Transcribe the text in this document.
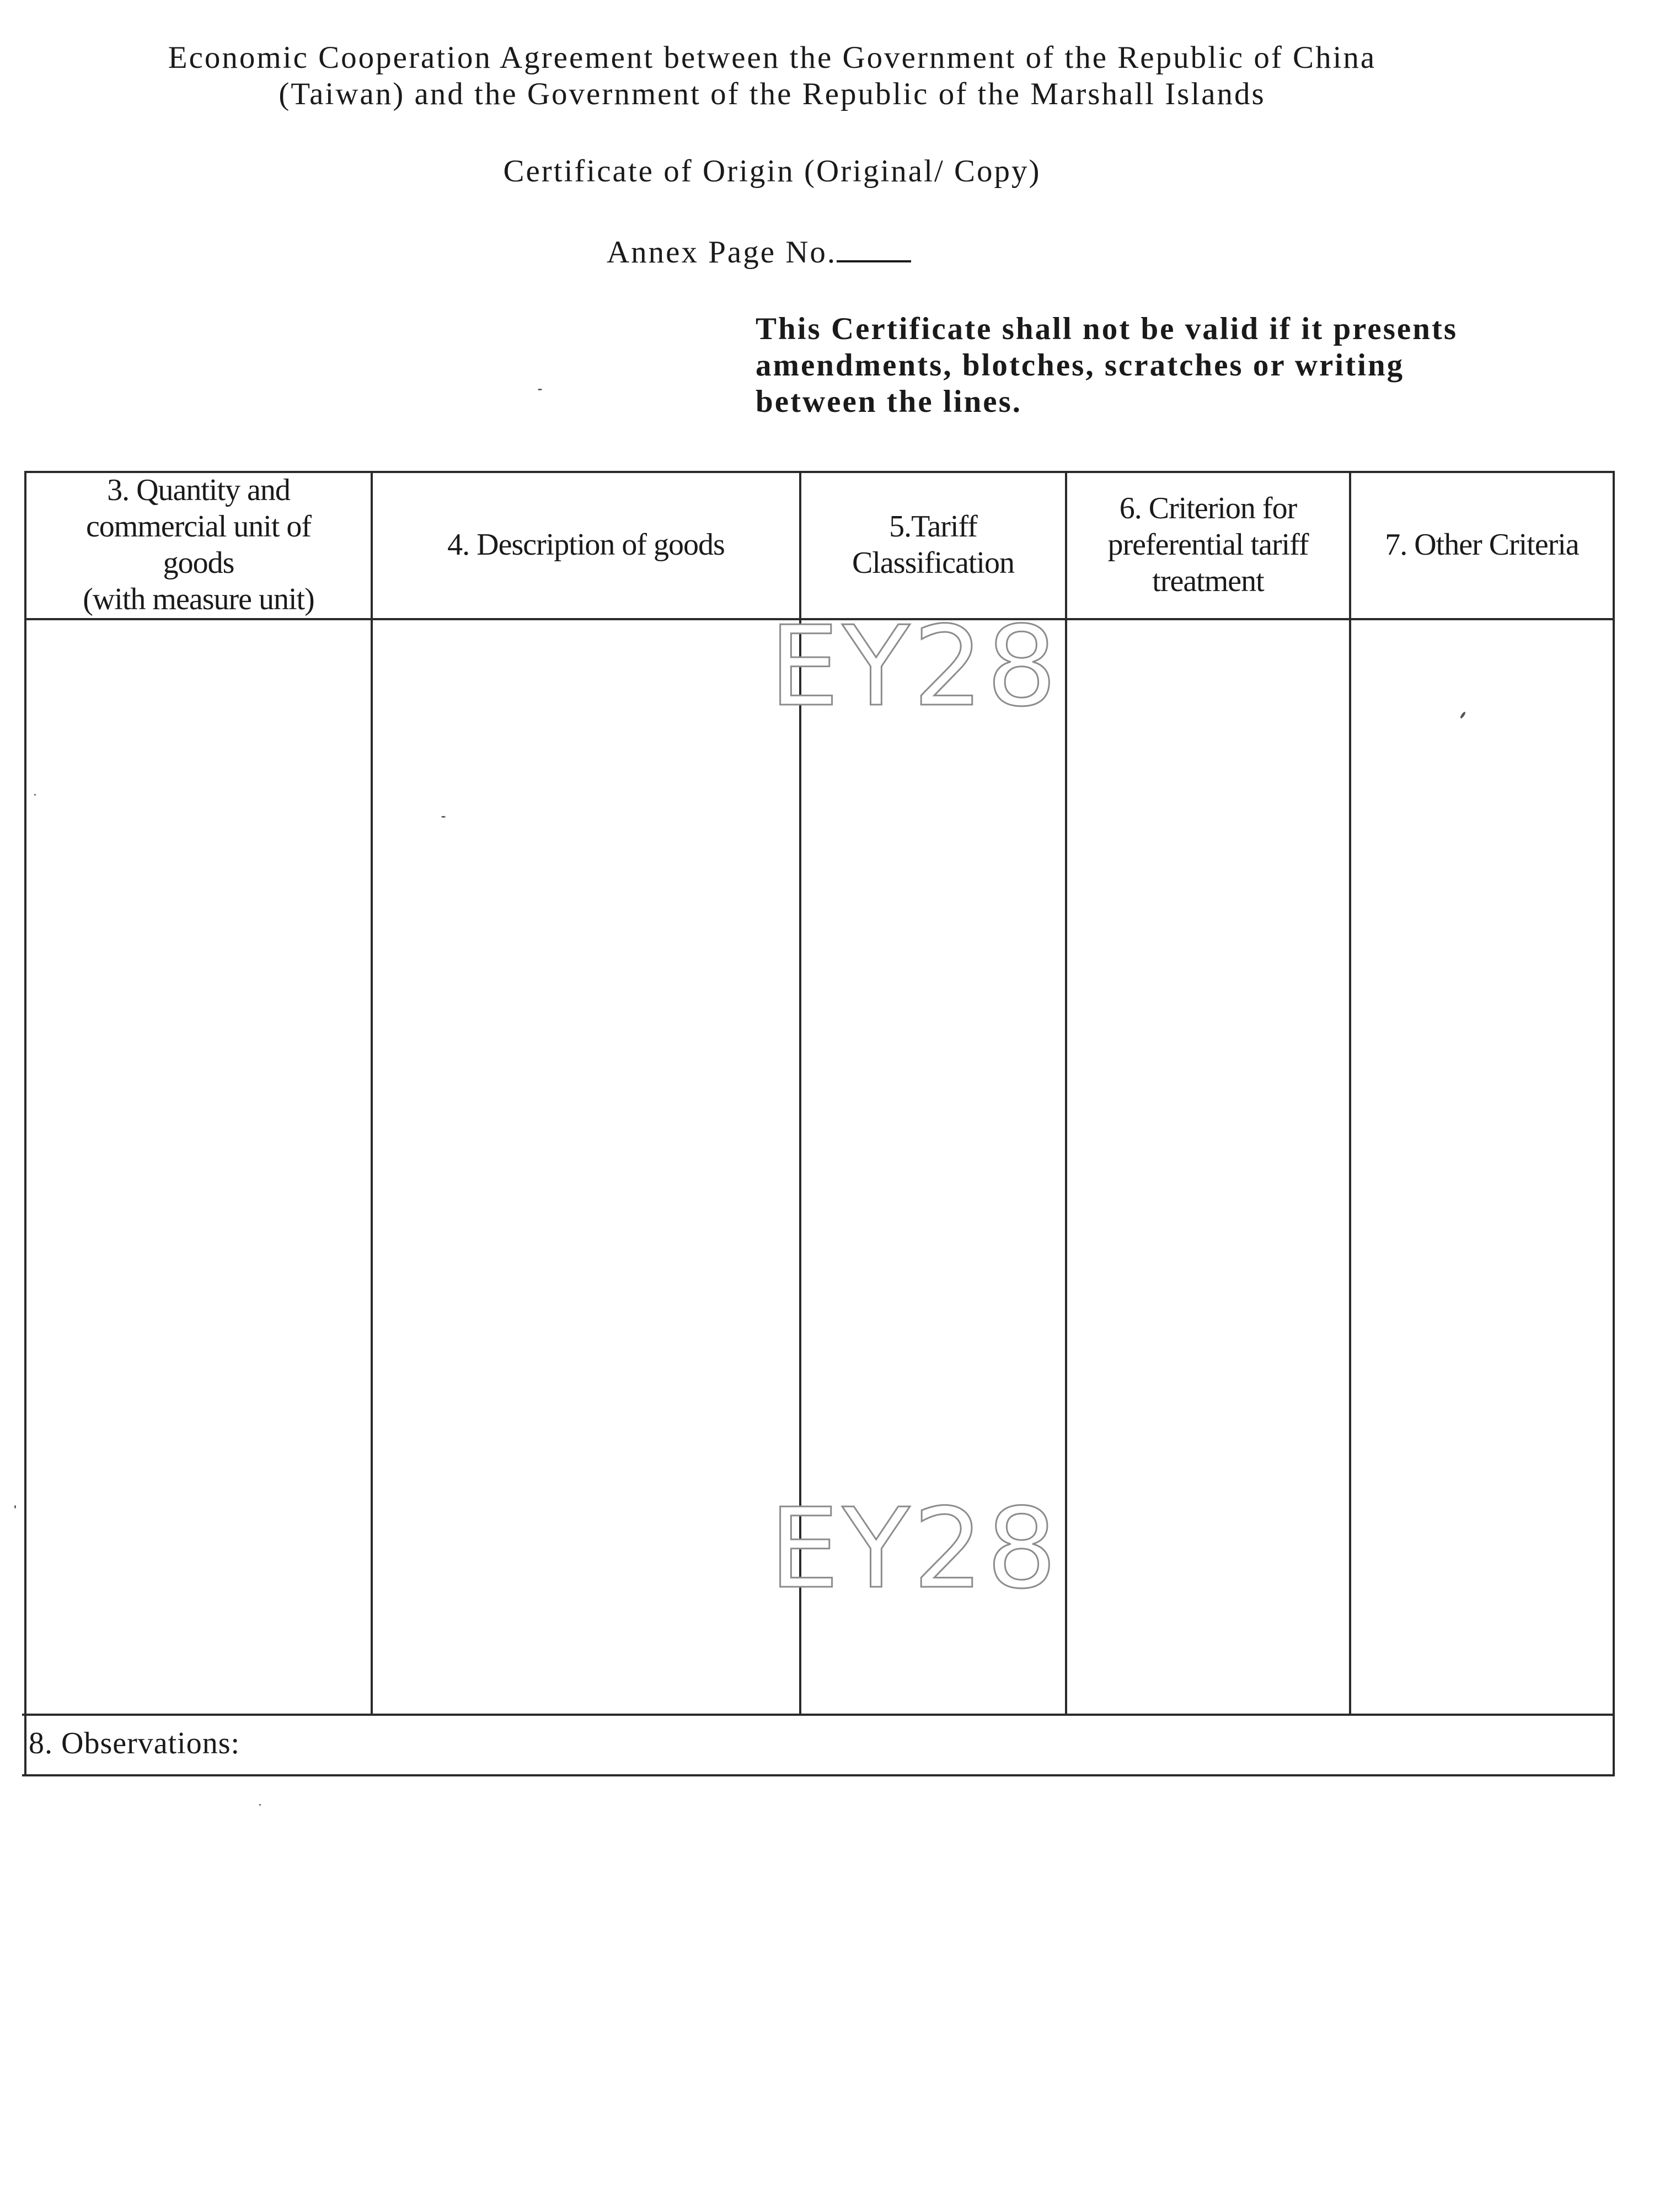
Economic Cooperation Agreement between the Government of the Republic of China
(Taiwan) and the Government of the Republic of the Marshall Islands
Certificate of Origin (Original/ Copy)
Annex Page No.
This Certificate shall not be valid if it presents
amendments, blotches, scratches or writing
between the lines.
3. Quantity and
commercial unit of
goods
(with measure unit)
4. Description of goods
5.Tariff
Classification
6. Criterion for
preferential tariff
treatment
7. Other Criteria
8. Observations:
EY28
EY28
